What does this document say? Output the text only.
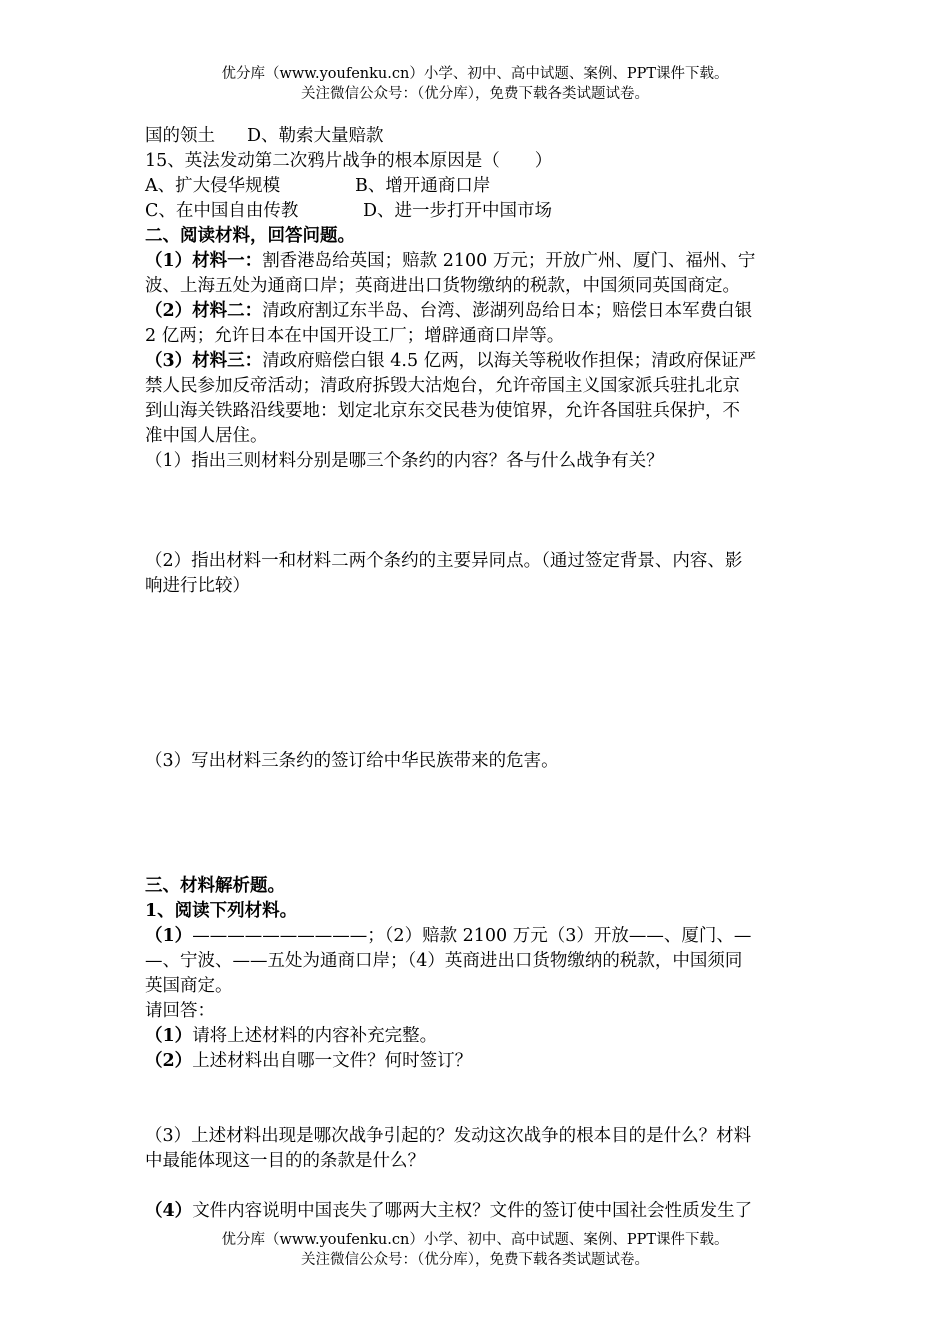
优分库（www.youfenku.cn）小学、初中、高中试题、案例、PPT课件下载。
关注微信公众号：（优分库），免费下载各类试题试卷。
国的领土 D、勒索大量赔款
15、英法发动第二次鸦片战争的根本原因是（　　）
A、扩大侵华规模	B、增开通商口岸
C、在中国自由传教	D、进一步打开中国市场
二、阅读材料，回答问题。
（1）材料一：割香港岛给英国；赔款 2100 万元；开放广州、厦门、福州、宁
波、上海五处为通商口岸；英商进出口货物缴纳的税款，中国须同英国商定。
（2）材料二：清政府割辽东半岛、台湾、澎湖列岛给日本；赔偿日本军费白银
2 亿两；允许日本在中国开设工厂；增辟通商口岸等。
（3）材料三：清政府赔偿白银 4.5 亿两，以海关等税收作担保；清政府保证严
禁人民参加反帝活动；清政府拆毁大沽炮台，允许帝国主义国家派兵驻扎北京
到山海关铁路沿线要地：划定北京东交民巷为使馆界，允许各国驻兵保护，不
准中国人居住。
（1）指出三则材料分别是哪三个条约的内容？各与什么战争有关？
（2）指出材料一和材料二两个条约的主要异同点。（通过签定背景、内容、影
响进行比较）
（3）写出材料三条约的签订给中华民族带来的危害。
三、材料解析题。
1、阅读下列材料。
（1）——————————；（2）赔款 2100 万元（3）开放——、厦门、—
—、宁波、——五处为通商口岸；（4）英商进出口货物缴纳的税款，中国须同
英国商定。
请回答：
（1）请将上述材料的内容补充完整。
（2）上述材料出自哪一文件？何时签订？
（3）上述材料出现是哪次战争引起的？发动这次战争的根本目的是什么？材料
中最能体现这一目的的条款是什么？
（4）文件内容说明中国丧失了哪两大主权？文件的签订使中国社会性质发生了
优分库（www.youfenku.cn）小学、初中、高中试题、案例、PPT课件下载。
关注微信公众号：（优分库），免费下载各类试题试卷。
